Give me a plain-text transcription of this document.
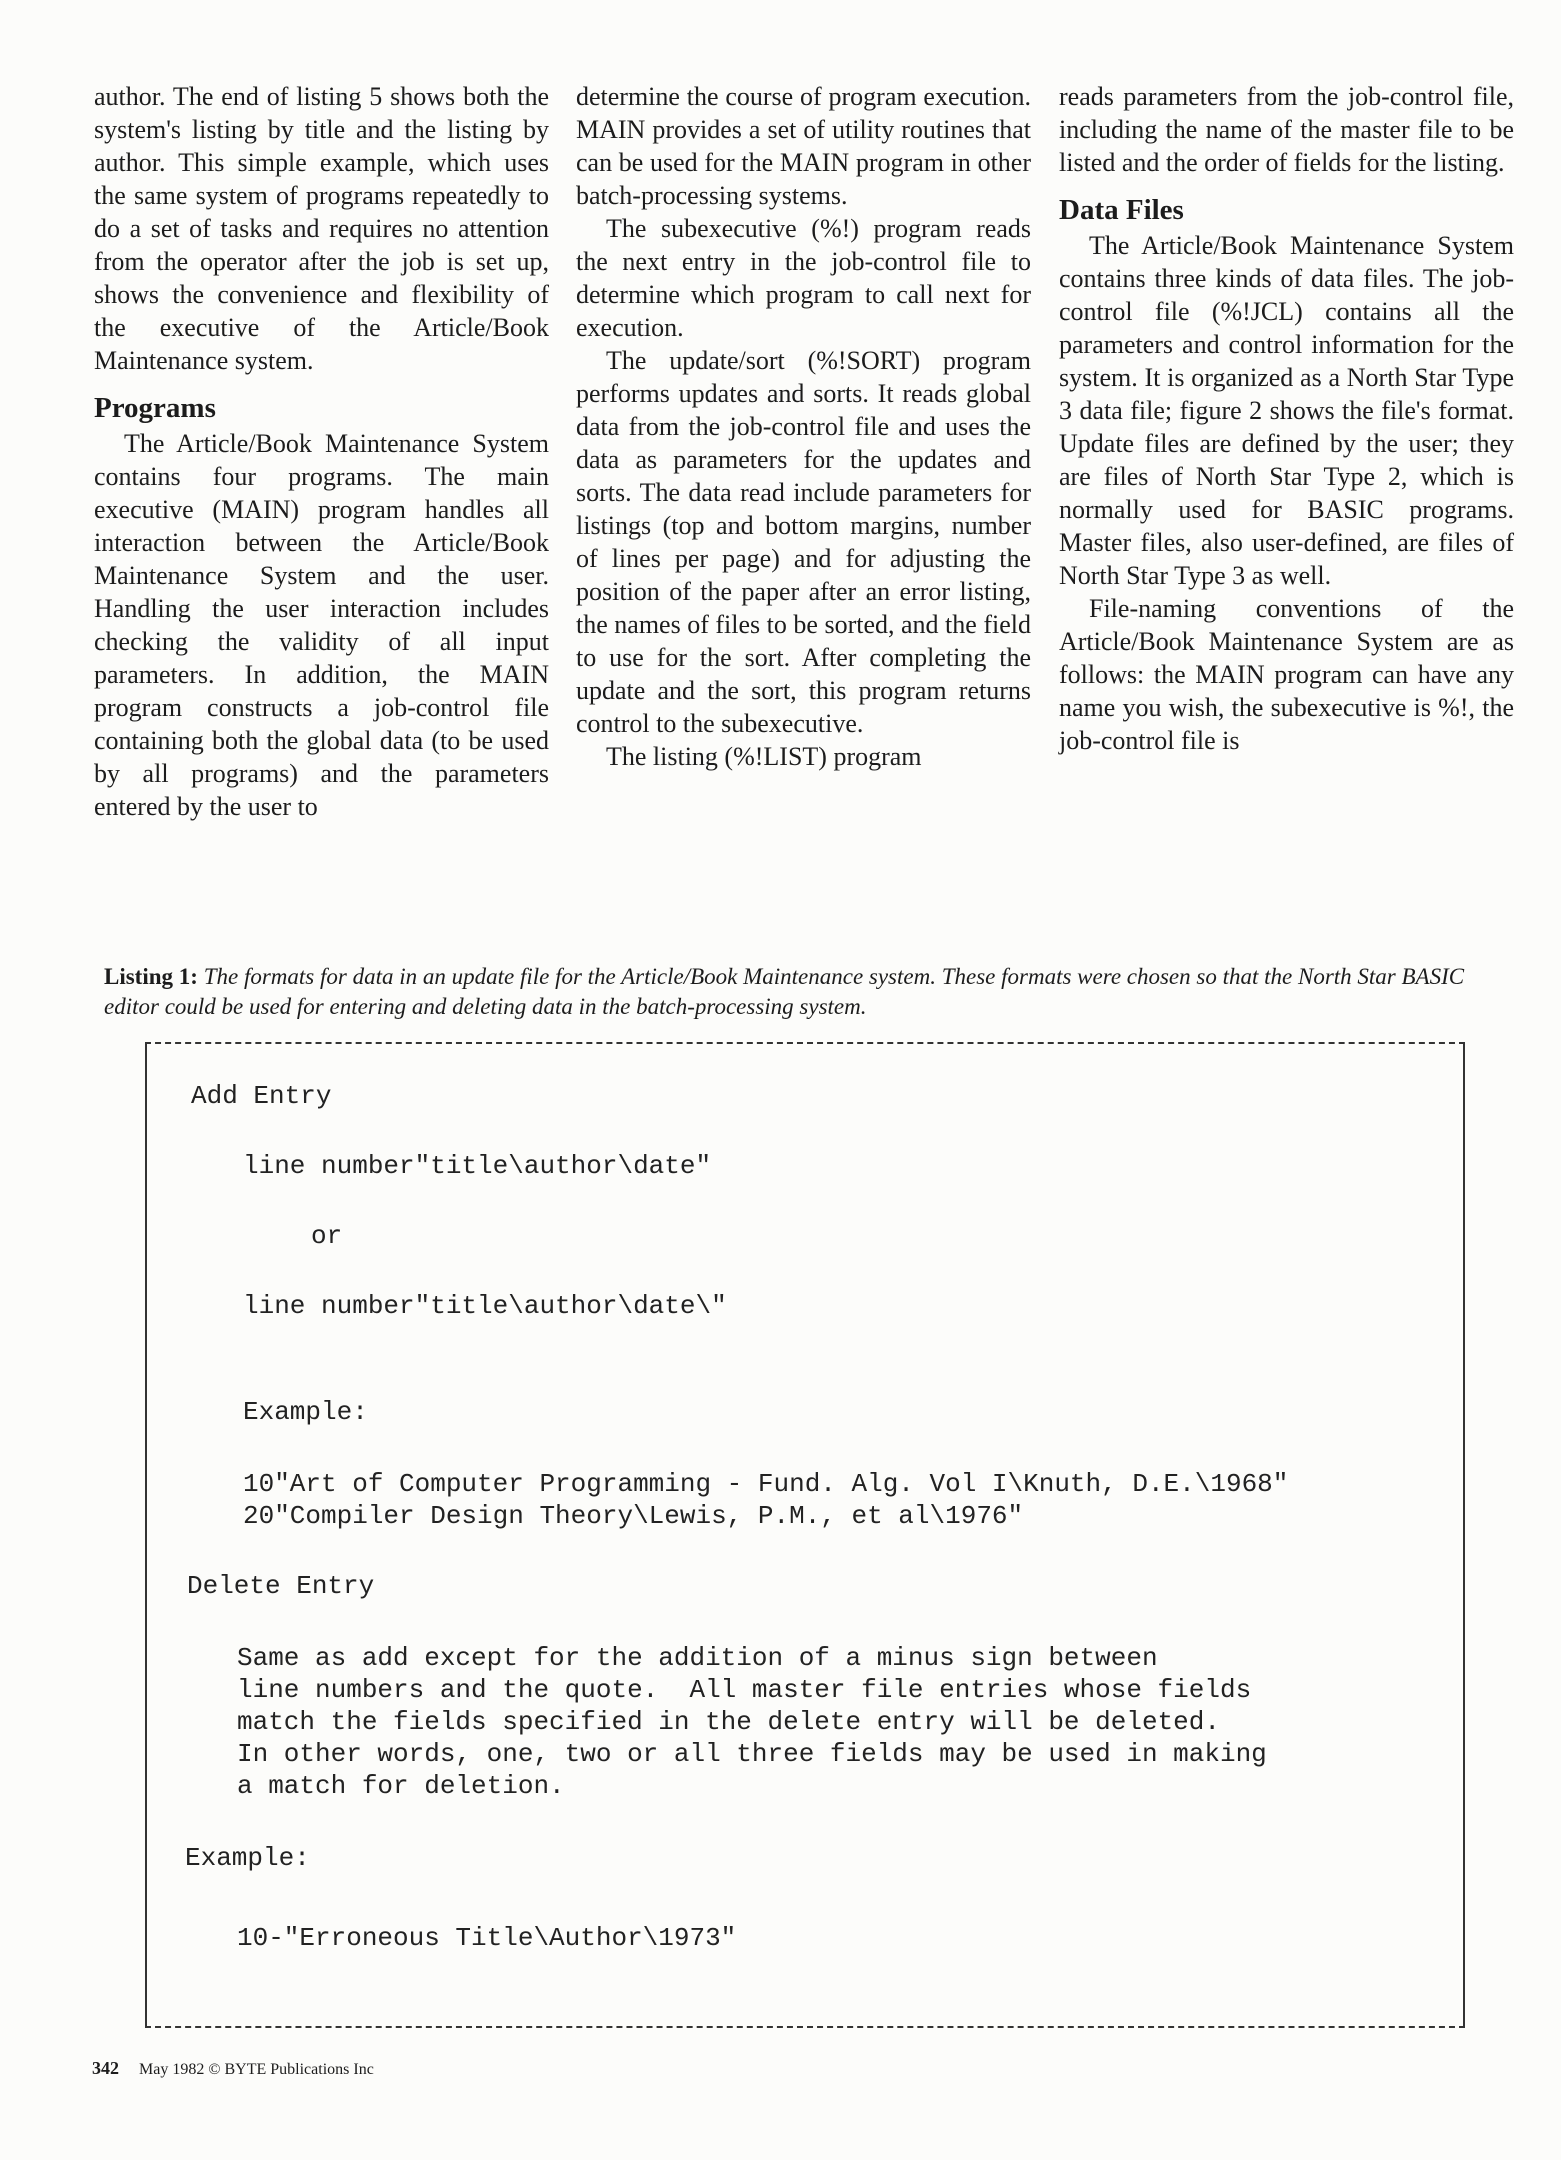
author. The end of listing 5 shows both the system's listing by title and the listing by author. This simple example, which uses the same system of programs repeatedly to do a set of tasks and requires no attention from the operator after the job is set up, shows the convenience and flexibility of the executive of the Article/Book Maintenance system.

Programs

The Article/Book Maintenance System contains four programs. The main executive (MAIN) program handles all interaction between the Article/Book Maintenance System and the user. Handling the user interaction includes checking the validity of all input parameters. In addition, the MAIN program constructs a job-control file containing both the global data (to be used by all programs) and the parameters entered by the user to

determine the course of program execution. MAIN provides a set of utility routines that can be used for the MAIN program in other batch-processing systems.

The subexecutive (%!) program reads the next entry in the job-control file to determine which program to call next for execution.

The update/sort (%!SORT) program performs updates and sorts. It reads global data from the job-control file and uses the data as parameters for the updates and sorts. The data read include parameters for listings (top and bottom margins, number of lines per page) and for adjusting the position of the paper after an error listing, the names of files to be sorted, and the field to use for the sort. After completing the update and the sort, this program returns control to the subexecutive.

The listing (%!LIST) program

reads parameters from the job-control file, including the name of the master file to be listed and the order of fields for the listing.

Data Files

The Article/Book Maintenance System contains three kinds of data files. The job-control file (%!JCL) contains all the parameters and control information for the system. It is organized as a North Star Type 3 data file; figure 2 shows the file's format. Update files are defined by the user; they are files of North Star Type 2, which is normally used for BASIC programs. Master files, also user-defined, are files of North Star Type 3 as well.

File-naming conventions of the Article/Book Maintenance System are as follows: the MAIN program can have any name you wish, the subexecutive is %!, the job-control file is

Listing 1: The formats for data in an update file for the Article/Book Maintenance system. These formats were chosen so that the North Star BASIC editor could be used for entering and deleting data in the batch-processing system.
Add Entry
line number"title\author\date"
or
line number"title\author\date\"
Example:
10"Art of Computer Programming - Fund. Alg. Vol I\Knuth, D.E.\1968"
20"Compiler Design Theory\Lewis, P.M., et al\1976"
Delete Entry
Same as add except for the addition of a minus sign between
line numbers and the quote.  All master file entries whose fields
match the fields specified in the delete entry will be deleted.
In other words, one, two or all three fields may be used in making
a match for deletion.
Example:
10-"Erroneous Title\Author\1973"
342 May 1982 © BYTE Publications Inc
